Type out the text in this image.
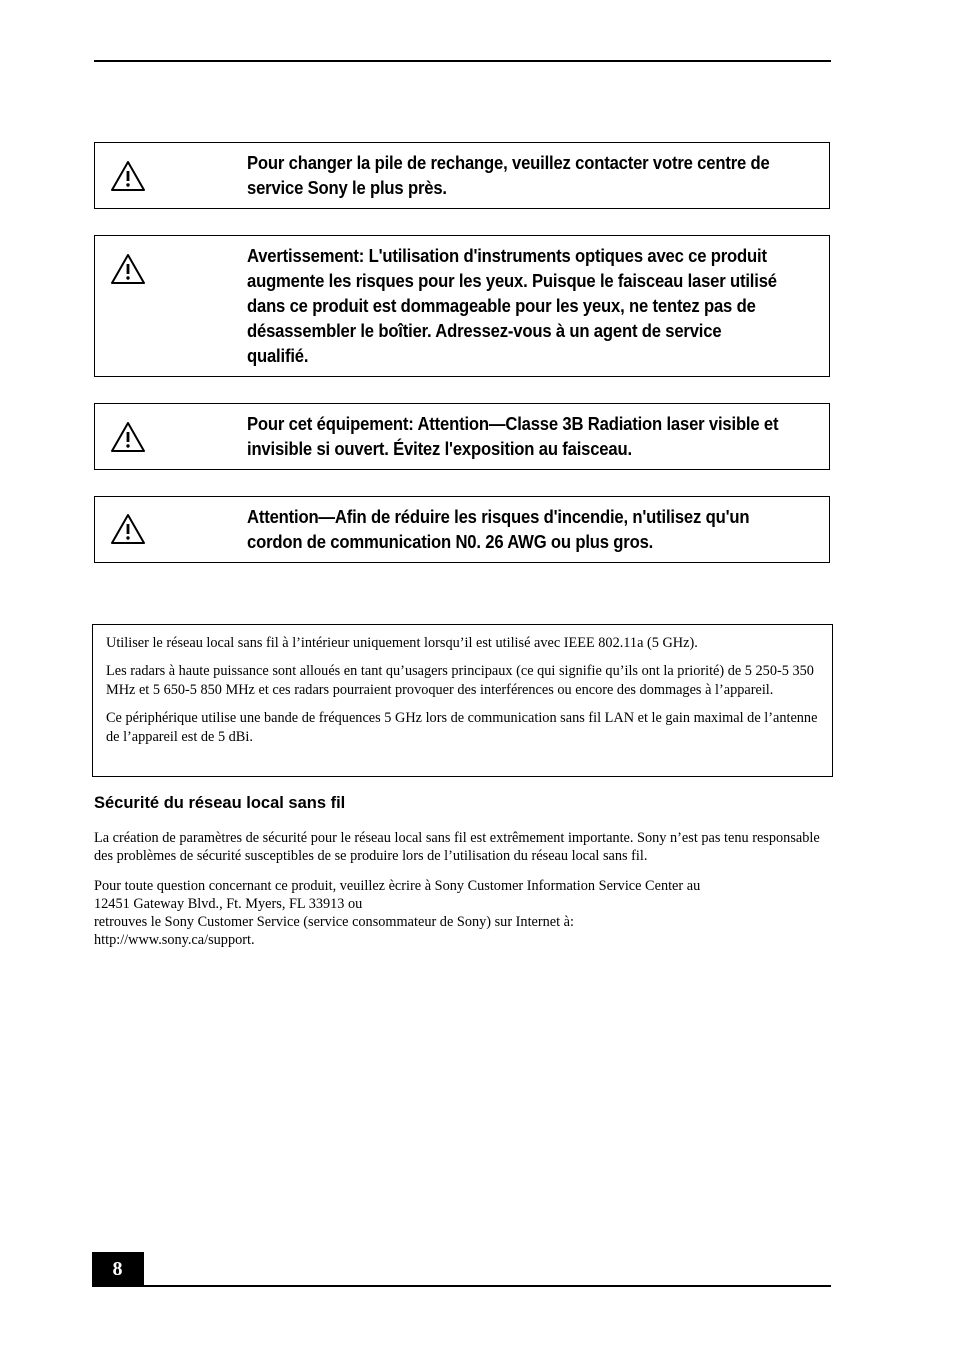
Pour changer la pile de rechange, veuillez contacter votre centre de
service Sony le plus près.
Avertissement: L'utilisation d'instruments optiques avec ce produit
augmente les risques pour les yeux. Puisque le faisceau laser utilisé
dans ce produit est dommageable pour les yeux, ne tentez pas de
désassembler le boîtier. Adressez-vous à un agent de service
qualifié.
Pour cet équipement: Attention—Classe 3B Radiation laser visible et
invisible si ouvert. Évitez l'exposition au faisceau.
Attention—Afin de réduire les risques d'incendie, n'utilisez qu'un
cordon de communication N0. 26 AWG ou plus gros.

Utiliser le réseau local sans fil à l’intérieur uniquement lorsqu’il est utilisé avec IEEE 802.11a (5 GHz).

Les radars à haute puissance sont alloués en tant qu’usagers principaux (ce qui signifie qu’ils ont la priorité) de 5 250-5 350 MHz et 5 650-5 850 MHz et ces radars pourraient provoquer des interférences ou encore des dommages à l’appareil.

Ce périphérique utilise une bande de fréquences 5 GHz lors de communication sans fil LAN et le gain maximal de l’antenne de l’appareil est de 5 dBi.

Sécurité du réseau local sans fil

La création de paramètres de sécurité pour le réseau local sans fil est extrêmement importante. Sony n’est pas tenu responsable des problèmes de sécurité susceptibles de se produire lors de l’utilisation du réseau local sans fil.

Pour toute question concernant ce produit, veuillez ècrire à Sony Customer Information Service Center au
12451 Gateway Blvd., Ft. Myers, FL 33913 ou
retrouves le Sony Customer Service (service consommateur de Sony) sur Internet à:
http://www.sony.ca/support.
8
